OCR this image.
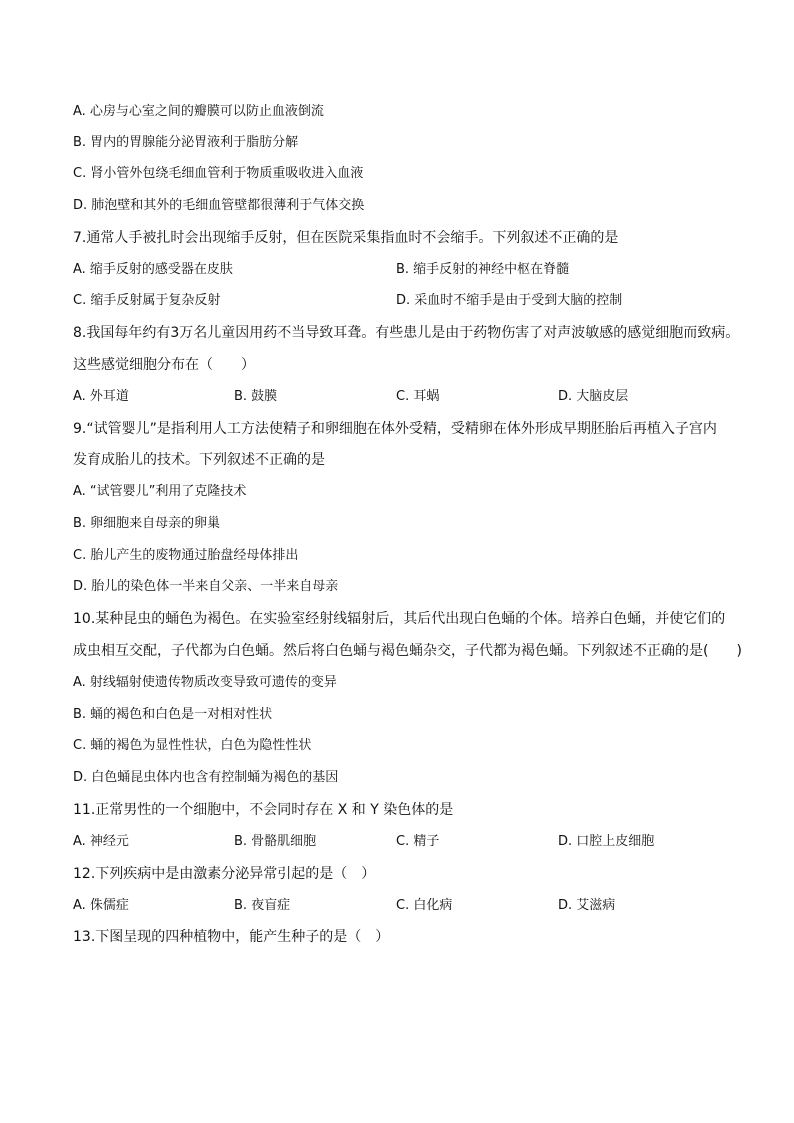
A. 心房与心室之间的瓣膜可以防止血液倒流
B. 胃内的胃腺能分泌胃液利于脂肪分解
C. 肾小管外包绕毛细血管利于物质重吸收进入血液
D. 肺泡壁和其外的毛细血管壁都很薄利于气体交换
7.通常人手被扎时会出现缩手反射，但在医院采集指血时不会缩手。下列叙述不正确的是
A. 缩手反射的感受器在皮肤	B. 缩手反射的神经中枢在脊髓
C. 缩手反射属于复杂反射	D. 采血时不缩手是由于受到大脑的控制
8.我国每年约有3万名儿童因用药不当导致耳聋。有些患儿是由于药物伤害了对声波敏感的感觉细胞而致病。
这些感觉细胞分布在（　　）
A. 外耳道	B. 鼓膜	C. 耳蜗	D. 大脑皮层
9.“试管婴儿”是指利用人工方法使精子和卵细胞在体外受精，受精卵在体外形成早期胚胎后再植入子宫内
发育成胎儿的技术。下列叙述不正确的是
A. “试管婴儿”利用了克隆技术
B. 卵细胞来自母亲的卵巢
C. 胎儿产生的废物通过胎盘经母体排出
D. 胎儿的染色体一半来自父亲、一半来自母亲
10.某种昆虫的蛹色为褐色。在实验室经射线辐射后，其后代出现白色蛹的个体。培养白色蛹，并使它们的
成虫相互交配，子代都为白色蛹。然后将白色蛹与褐色蛹杂交，子代都为褐色蛹。下列叙述不正确的是(　　)
A. 射线辐射使遗传物质改变导致可遗传的变异
B. 蛹的褐色和白色是一对相对性状
C. 蛹的褐色为显性性状，白色为隐性性状
D. 白色蛹昆虫体内也含有控制蛹为褐色的基因
11.正常男性的一个细胞中，不会同时存在 X 和 Y 染色体的是
A. 神经元	B. 骨骼肌细胞	C. 精子	D. 口腔上皮细胞
12.下列疾病中是由激素分泌异常引起的是（　）
A. 侏儒症	B. 夜盲症	C. 白化病	D. 艾滋病
13.下图呈现的四种植物中，能产生种子的是（　）
